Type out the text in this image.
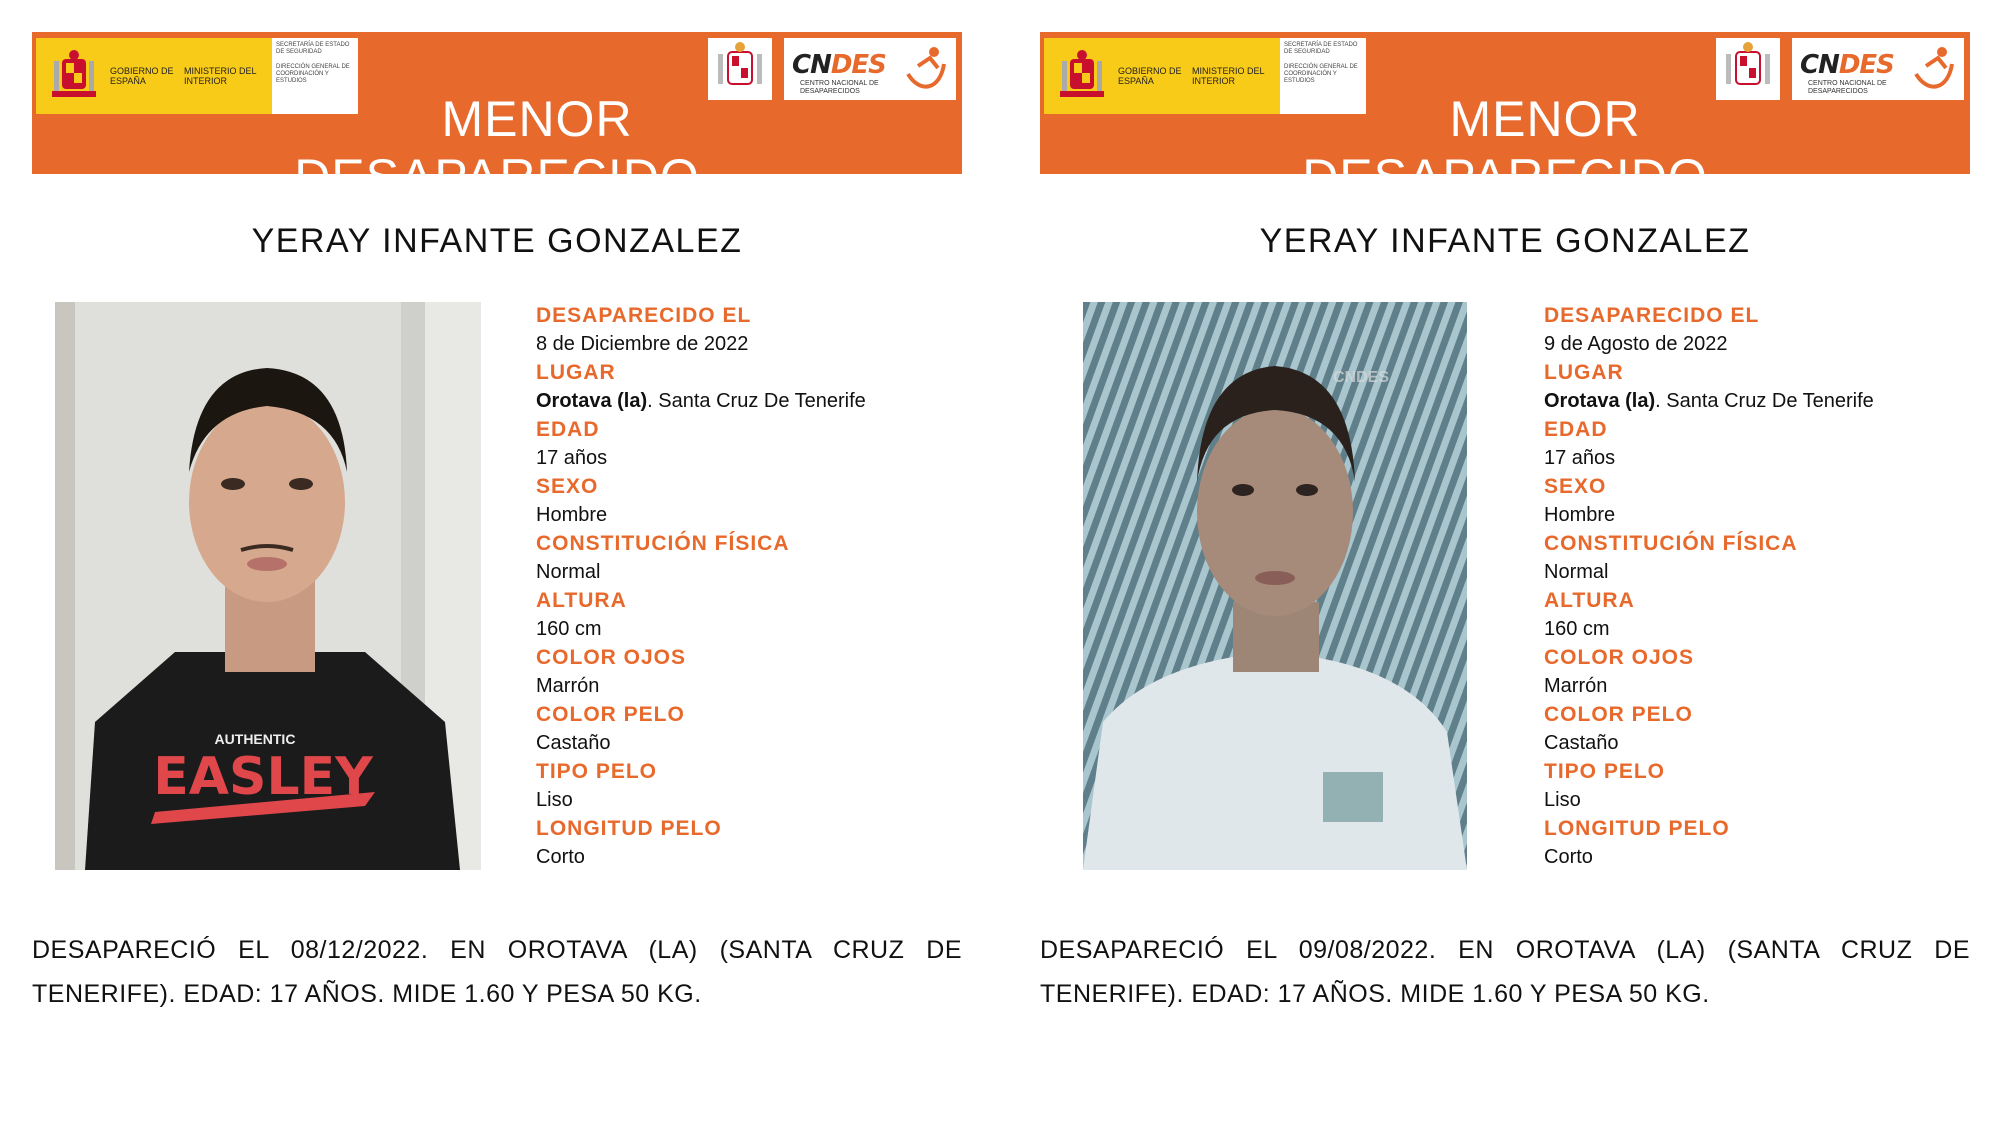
GOBIERNO DE ESPAÑA
MINISTERIO DEL INTERIOR
SECRETARÍA DE ESTADO DE SEGURIDAD
DIRECCIÓN GENERAL DE COORDINACIÓN Y ESTUDIOS
CNDES
CENTRO NACIONAL DE DESAPARECIDOS
MENOR
DESAPARECIDO
YERAY INFANTE GONZALEZ
AUTHENTIC
EASLEY
DESAPARECIDO EL
8 de Diciembre de 2022
LUGAR
Orotava (la). Santa Cruz De Tenerife
EDAD
17 años
SEXO
Hombre
CONSTITUCIÓN FÍSICA
Normal
ALTURA
160 cm
COLOR OJOS
Marrón
COLOR PELO
Castaño
TIPO PELO
Liso
LONGITUD PELO
Corto
DESAPARECIÓ EL 08/12/2022. EN OROTAVA (LA) (SANTA CRUZ DE TENERIFE). EDAD: 17 AÑOS. MIDE 1.60 Y PESA 50 KG.
GOBIERNO DE ESPAÑA
MINISTERIO DEL INTERIOR
SECRETARÍA DE ESTADO DE SEGURIDAD
DIRECCIÓN GENERAL DE COORDINACIÓN Y ESTUDIOS
CNDES
CENTRO NACIONAL DE DESAPARECIDOS
MENOR
DESAPARECIDO
YERAY INFANTE GONZALEZ
CNDES
DESAPARECIDO EL
9 de Agosto de 2022
LUGAR
Orotava (la). Santa Cruz De Tenerife
EDAD
17 años
SEXO
Hombre
CONSTITUCIÓN FÍSICA
Normal
ALTURA
160 cm
COLOR OJOS
Marrón
COLOR PELO
Castaño
TIPO PELO
Liso
LONGITUD PELO
Corto
DESAPARECIÓ EL 09/08/2022. EN OROTAVA (LA) (SANTA CRUZ DE TENERIFE). EDAD: 17 AÑOS. MIDE 1.60 Y PESA 50 KG.
